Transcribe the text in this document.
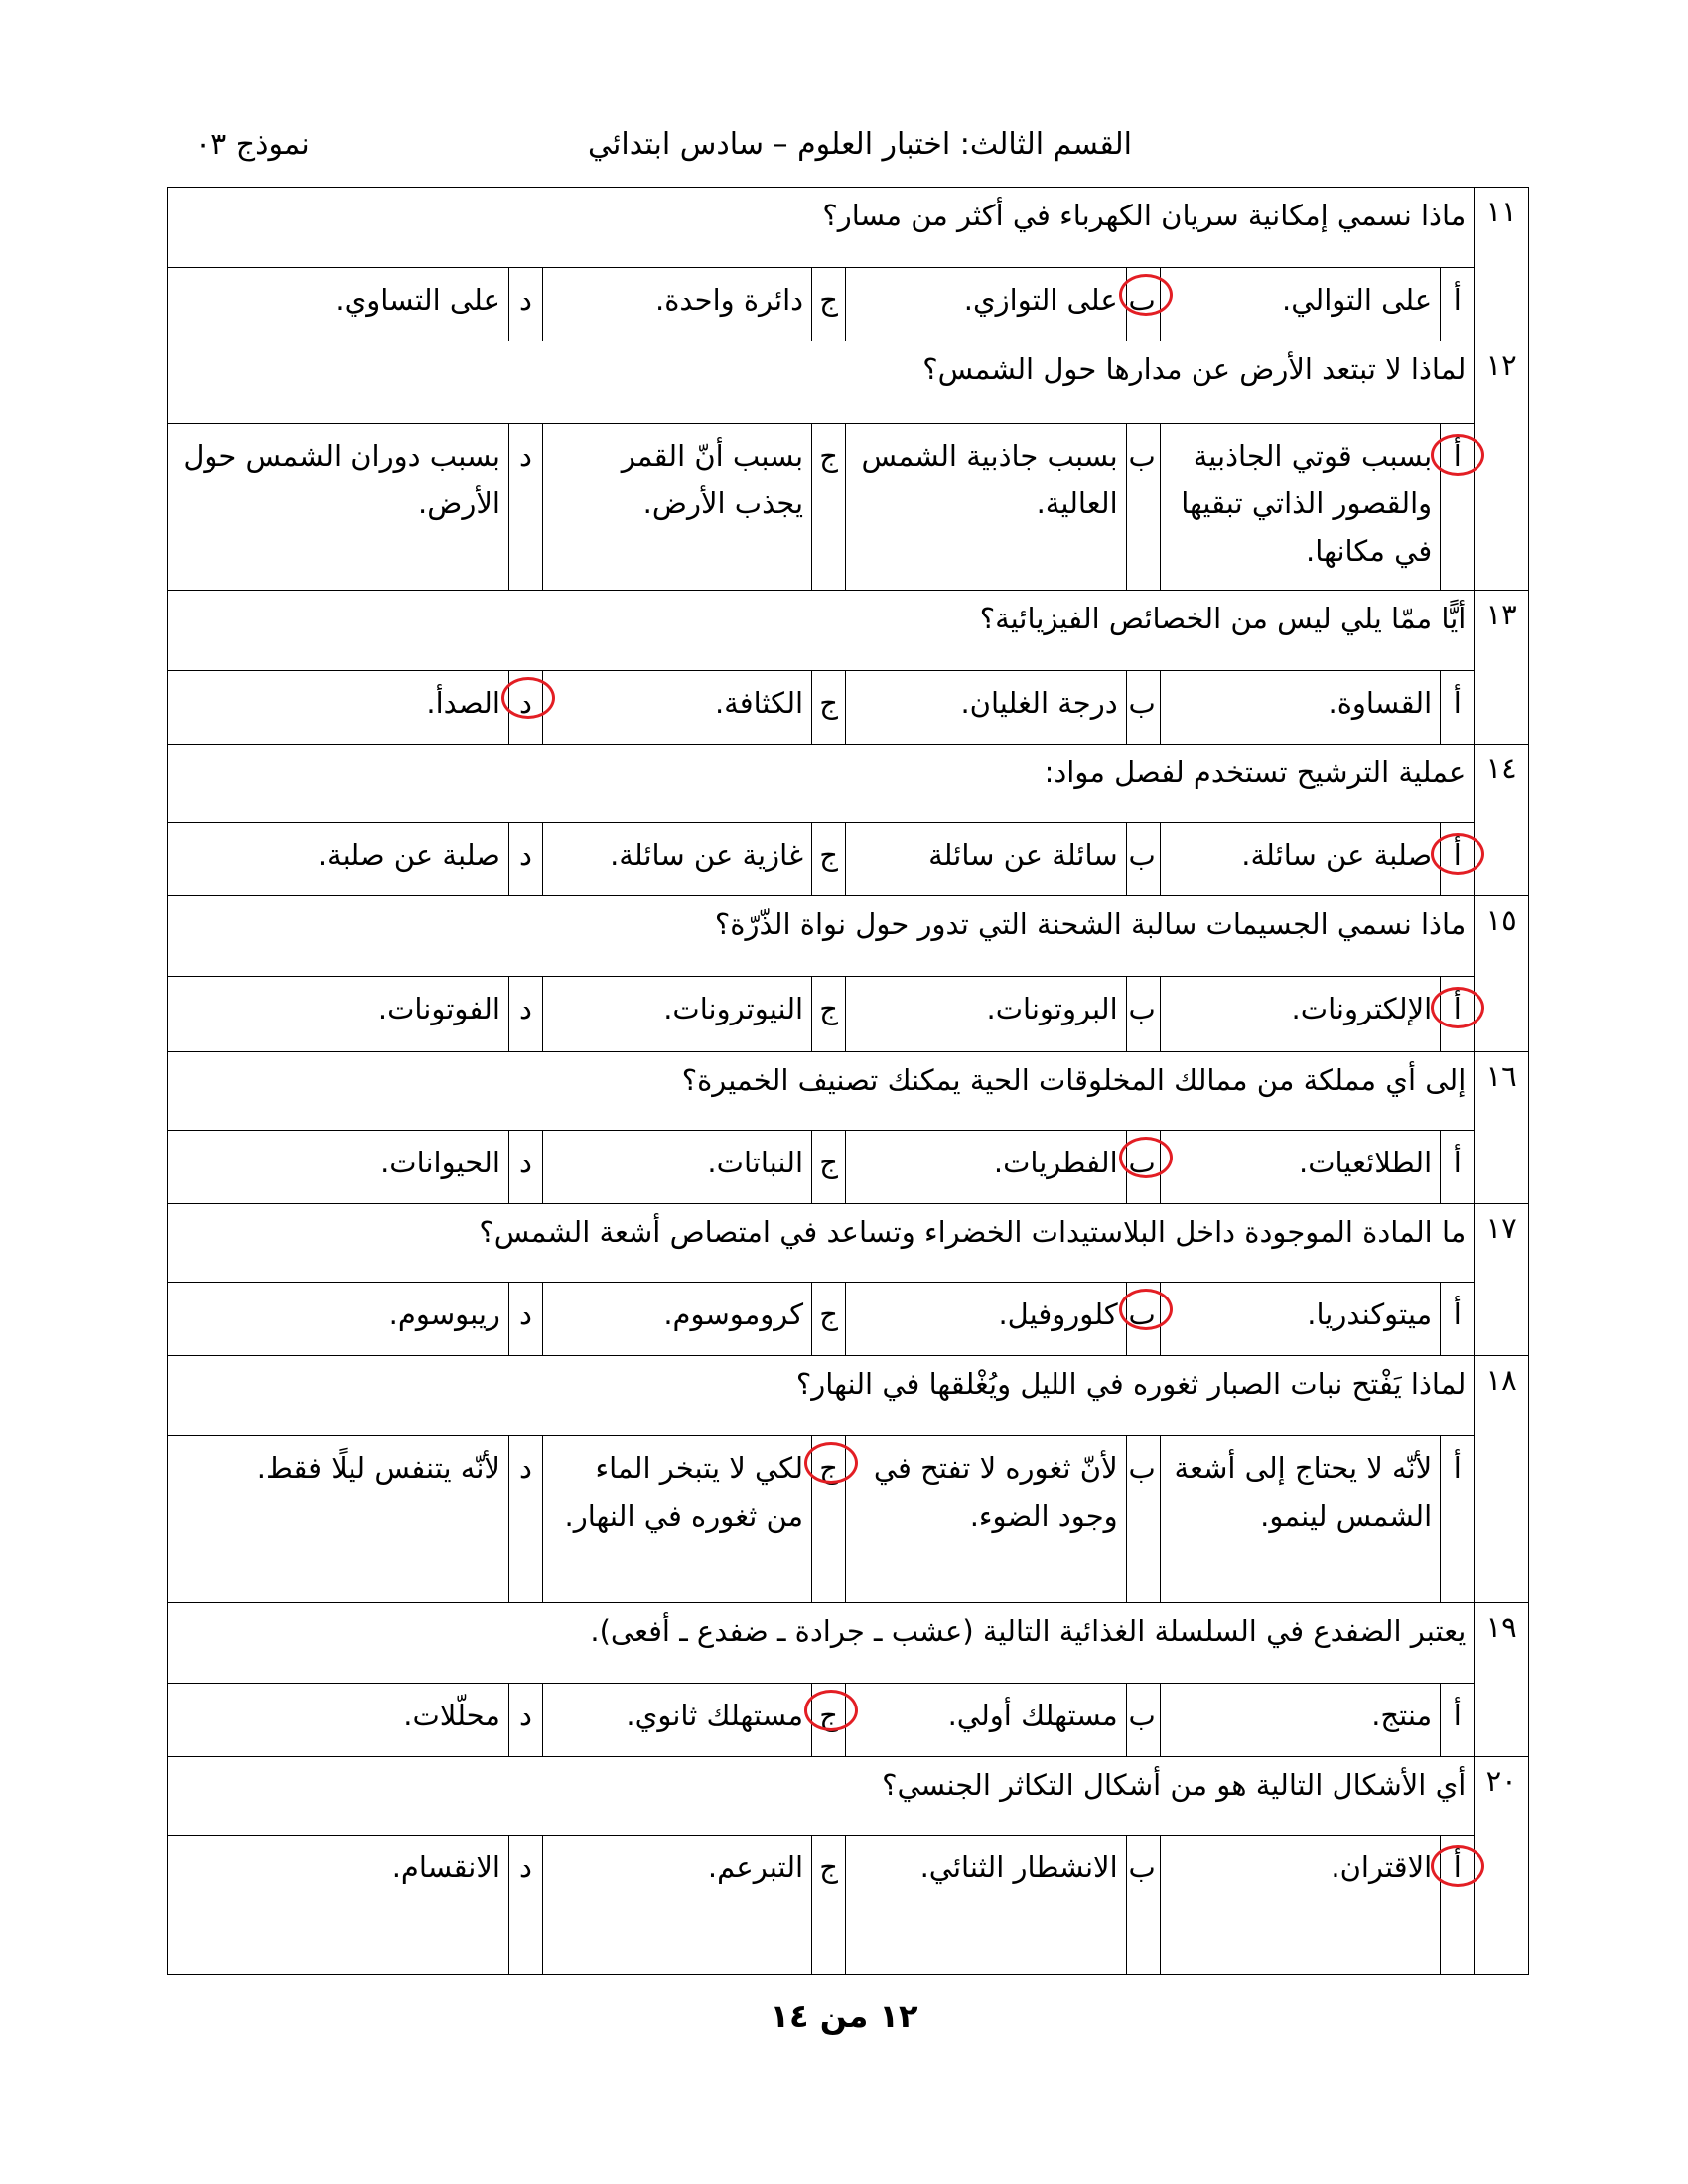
القسم الثالث: اختبار العلوم – سادس ابتدائي
نموذج ٠٣
١١	ماذا نسمي إمكانية سريان الكهرباء في أكثر من مسار؟							
	أ	على التوالي.	ب	على التوازي.	ج	دائرة واحدة.	د	على التساوي.
١٢	لماذا لا تبتعد الأرض عن مدارها حول الشمس؟							
	أ	بسبب قوتي الجاذبية والقصور الذاتي تبقيها في مكانها.	ب	بسبب جاذبية الشمس العالية.	ج	بسبب أنّ القمر يجذب الأرض.	د	بسبب دوران الشمس حول الأرض.
١٣	أيًّا ممّا يلي ليس من الخصائص الفيزيائية؟							
	أ	القساوة.	ب	درجة الغليان.	ج	الكثافة.	د	الصدأ.
١٤	عملية الترشيح تستخدم لفصل مواد:							
	أ	صلبة عن سائلة.	ب	سائلة عن سائلة	ج	غازية عن سائلة.	د	صلبة عن صلبة.
١٥	ماذا نسمي الجسيمات سالبة الشحنة التي تدور حول نواة الذّرّة؟							
	أ	الإلكترونات.	ب	البروتونات.	ج	النيوترونات.	د	الفوتونات.
١٦	إلى أي مملكة من ممالك المخلوقات الحية يمكنك تصنيف الخميرة؟							
	أ	الطلائعيات.	ب	الفطريات.	ج	النباتات.	د	الحيوانات.
١٧	ما المادة الموجودة داخل البلاستيدات الخضراء وتساعد في امتصاص أشعة الشمس؟							
	أ	ميتوكندريا.	ب	كلوروفيل.	ج	كروموسوم.	د	ريبوسوم.
١٨	لماذا يَفْتح نبات الصبار ثغوره في الليل ويُغْلقها في النهار؟							
	أ	لأنّه لا يحتاج إلى أشعة الشمس لينمو.	ب	لأنّ ثغوره لا تفتح في وجود الضوء.	ج	لكي لا يتبخر الماء من ثغوره في النهار.	د	لأنّه يتنفس ليلًا فقط.
١٩	يعتبر الضفدع في السلسلة الغذائية التالية (عشب ـ جرادة ـ ضفدع ـ أفعى).							
	أ	منتج.	ب	مستهلك أولي.	ج	مستهلك ثانوي.	د	محلّلات.
٢٠	أي الأشكال التالية هو من أشكال التكاثر الجنسي؟							
	أ	الاقتران.	ب	الانشطار الثنائي.	ج	التبرعم.	د	الانقسام.
١٢ من ١٤
